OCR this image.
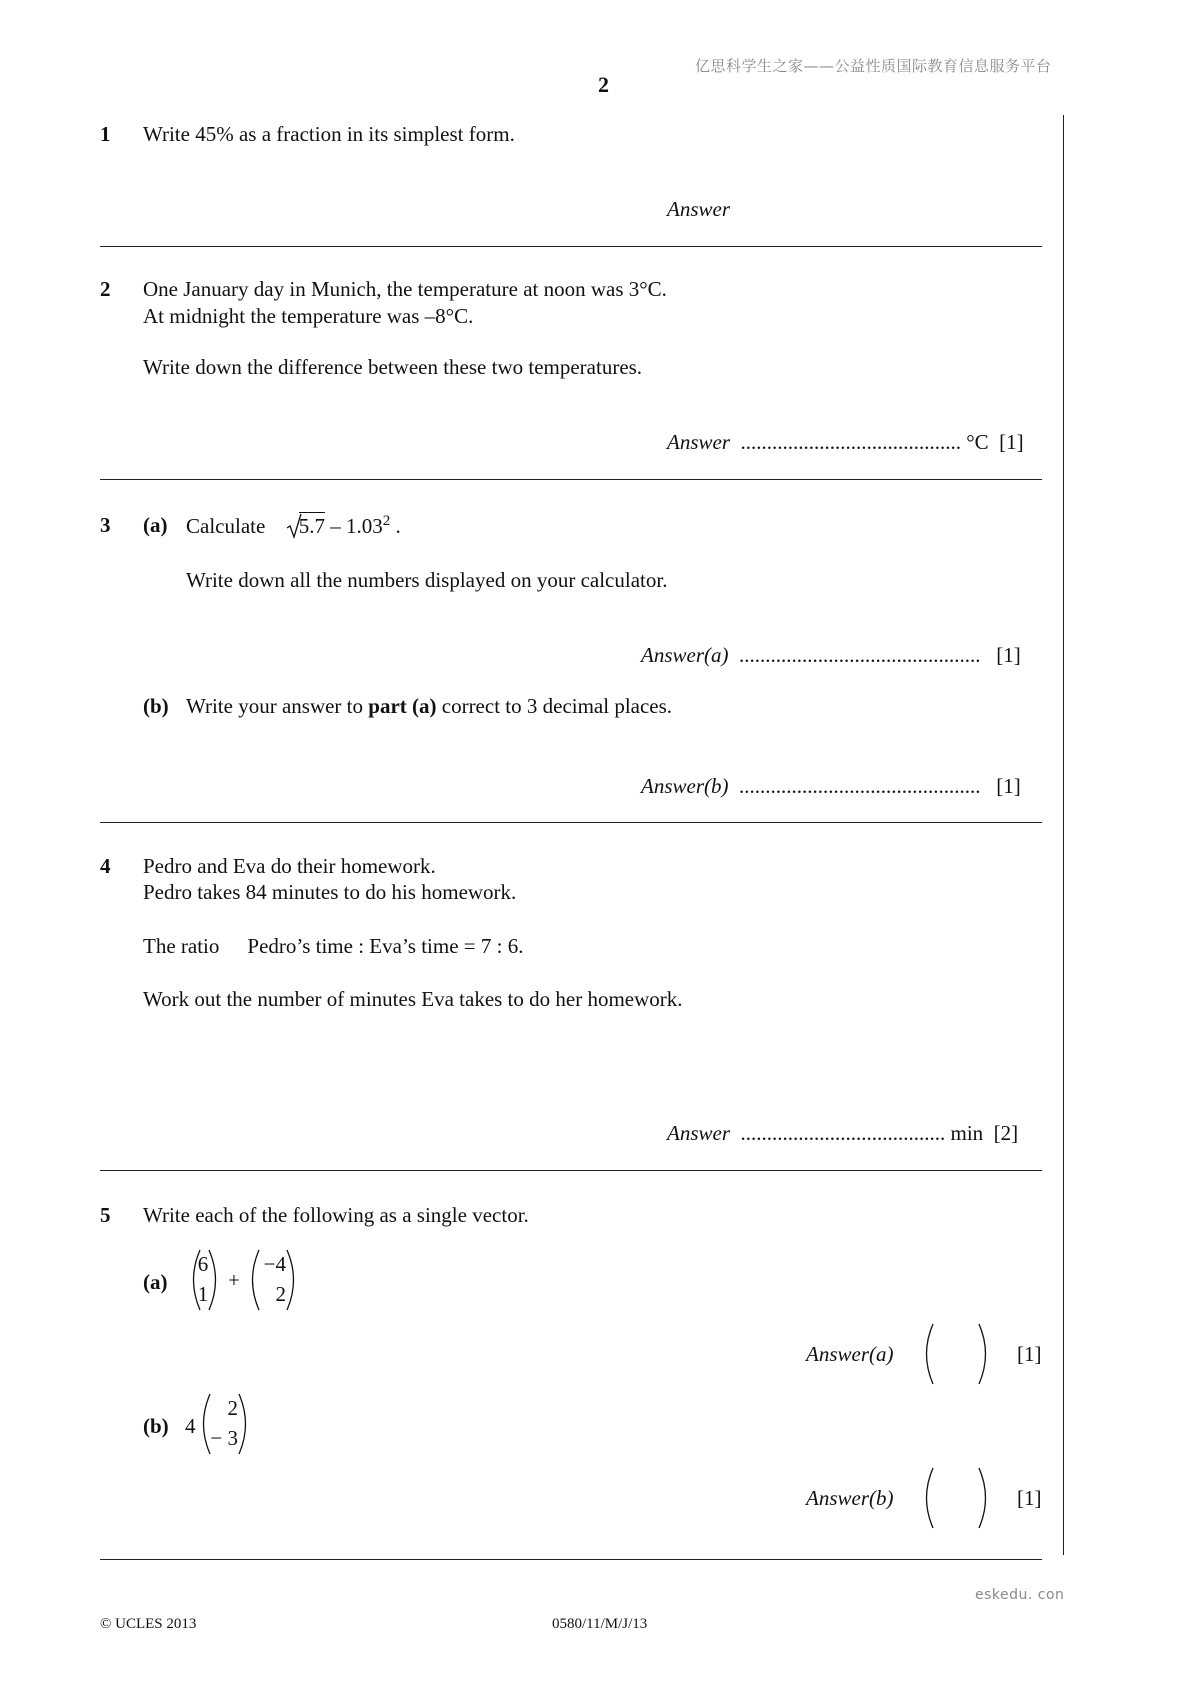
亿思科学生之家——公益性质国际教育信息服务平台
2
1 Write 45% as a fraction in its simplest form.
Answer
2 One January day in Munich, the temperature at noon was 3°C.
At midnight the temperature was –8°C.
Write down the difference between these two temperatures.
Answer .......................................... °C [1]
3 (a) Calculate 5.7 – 1.03$^2$ .
Write down all the numbers displayed on your calculator.
Answer(a) .............................................. [1]
(b) Write your answer to part (a) correct to 3 decimal places.
Answer(b) .............................................. [1]
4 Pedro and Eva do their homework.
Pedro takes 84 minutes to do his homework.
The ratio Pedro’s time : Eva’s time = 7 : 6.
Work out the number of minutes Eva takes to do her homework.
Answer ....................................... min [2]
5 Write each of the following as a single vector.
(a)
6
1
+
−4
2
Answer(a)	[1]
(b) 4
2
− 3
Answer(b)	[1]
eskedu. con
© UCLES 2013	0580/11/M/J/13
